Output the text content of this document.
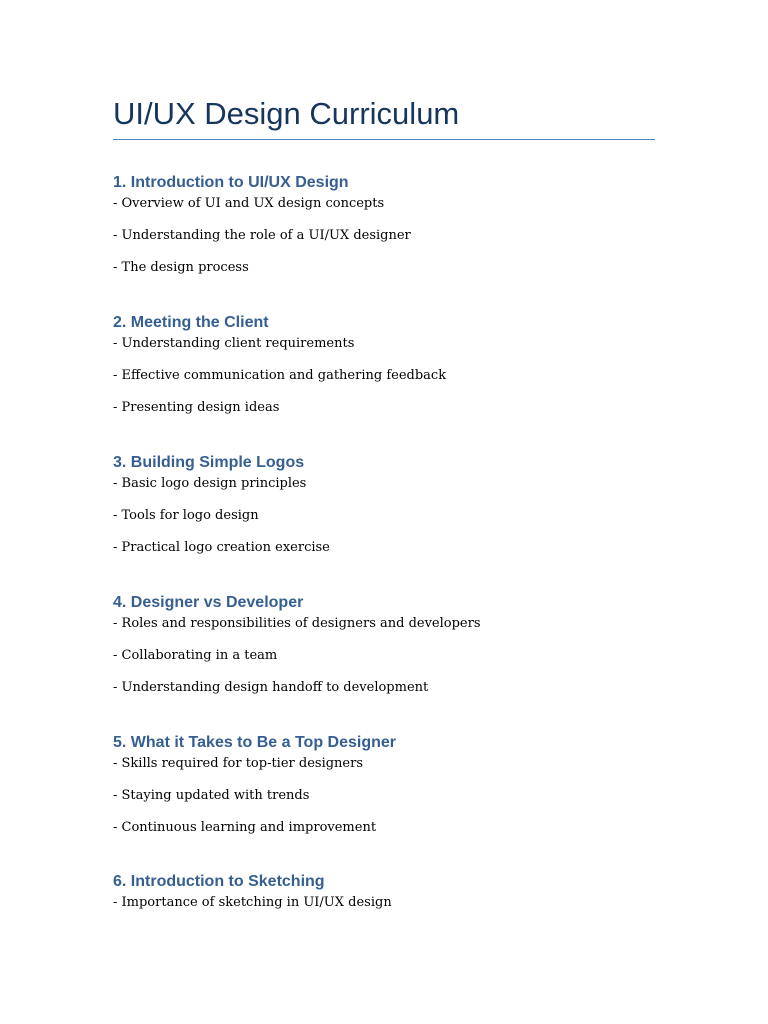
UI/UX Design Curriculum
1. Introduction to UI/UX Design
- Overview of UI and UX design concepts
- Understanding the role of a UI/UX designer
- The design process
2. Meeting the Client
- Understanding client requirements
- Effective communication and gathering feedback
- Presenting design ideas
3. Building Simple Logos
- Basic logo design principles
- Tools for logo design
- Practical logo creation exercise
4. Designer vs Developer
- Roles and responsibilities of designers and developers
- Collaborating in a team
- Understanding design handoff to development
5. What it Takes to Be a Top Designer
- Skills required for top-tier designers
- Staying updated with trends
- Continuous learning and improvement
6. Introduction to Sketching
- Importance of sketching in UI/UX design
